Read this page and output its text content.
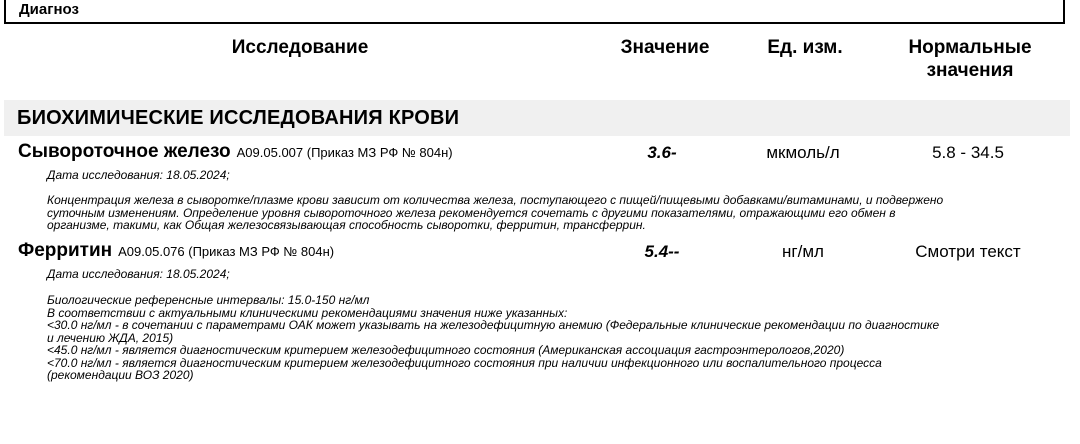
Диагноз
Исследование	Значение	Ед. изм.	Нормальные
значения
БИОХИМИЧЕСКИЕ ИССЛЕДОВАНИЯ КРОВИ
Сывороточное железо A09.05.007 (Приказ МЗ РФ № 804н)	3.6-	мкмоль/л	5.8 - 34.5
Дата исследования: 18.05.2024;
Концентрация железа в сыворотке/плазме крови зависит от количества железа, поступающего с пищей/пищевыми добавками/витаминами, и подвержено
суточным изменениям. Определение уровня сывороточного железа рекомендуется сочетать с другими показателями, отражающими его обмен в
организме, такими, как Общая железосвязывающая способность сыворотки, ферритин, трансферрин.
Ферритин A09.05.076 (Приказ МЗ РФ № 804н)	5.4--	нг/мл	Смотри текст
Дата исследования: 18.05.2024;
Биологические референсные интервалы: 15.0-150 нг/мл
В соответствии с актуальными клиническими рекомендациями значения ниже указанных:
<30.0 нг/мл - в сочетании с параметрами ОАК может указывать на железодефицитную анемию (Федеральные клинические рекомендации по диагностике
и лечению ЖДА, 2015)
<45.0 нг/мл - является диагностическим критерием железодефицитного состояния (Американская ассоциация гастроэнтерологов,2020)
<70.0 нг/мл - является диагностическим критерием железодефицитного состояния при наличии инфекционного или воспалительного процесса
(рекомендации ВОЗ 2020)
